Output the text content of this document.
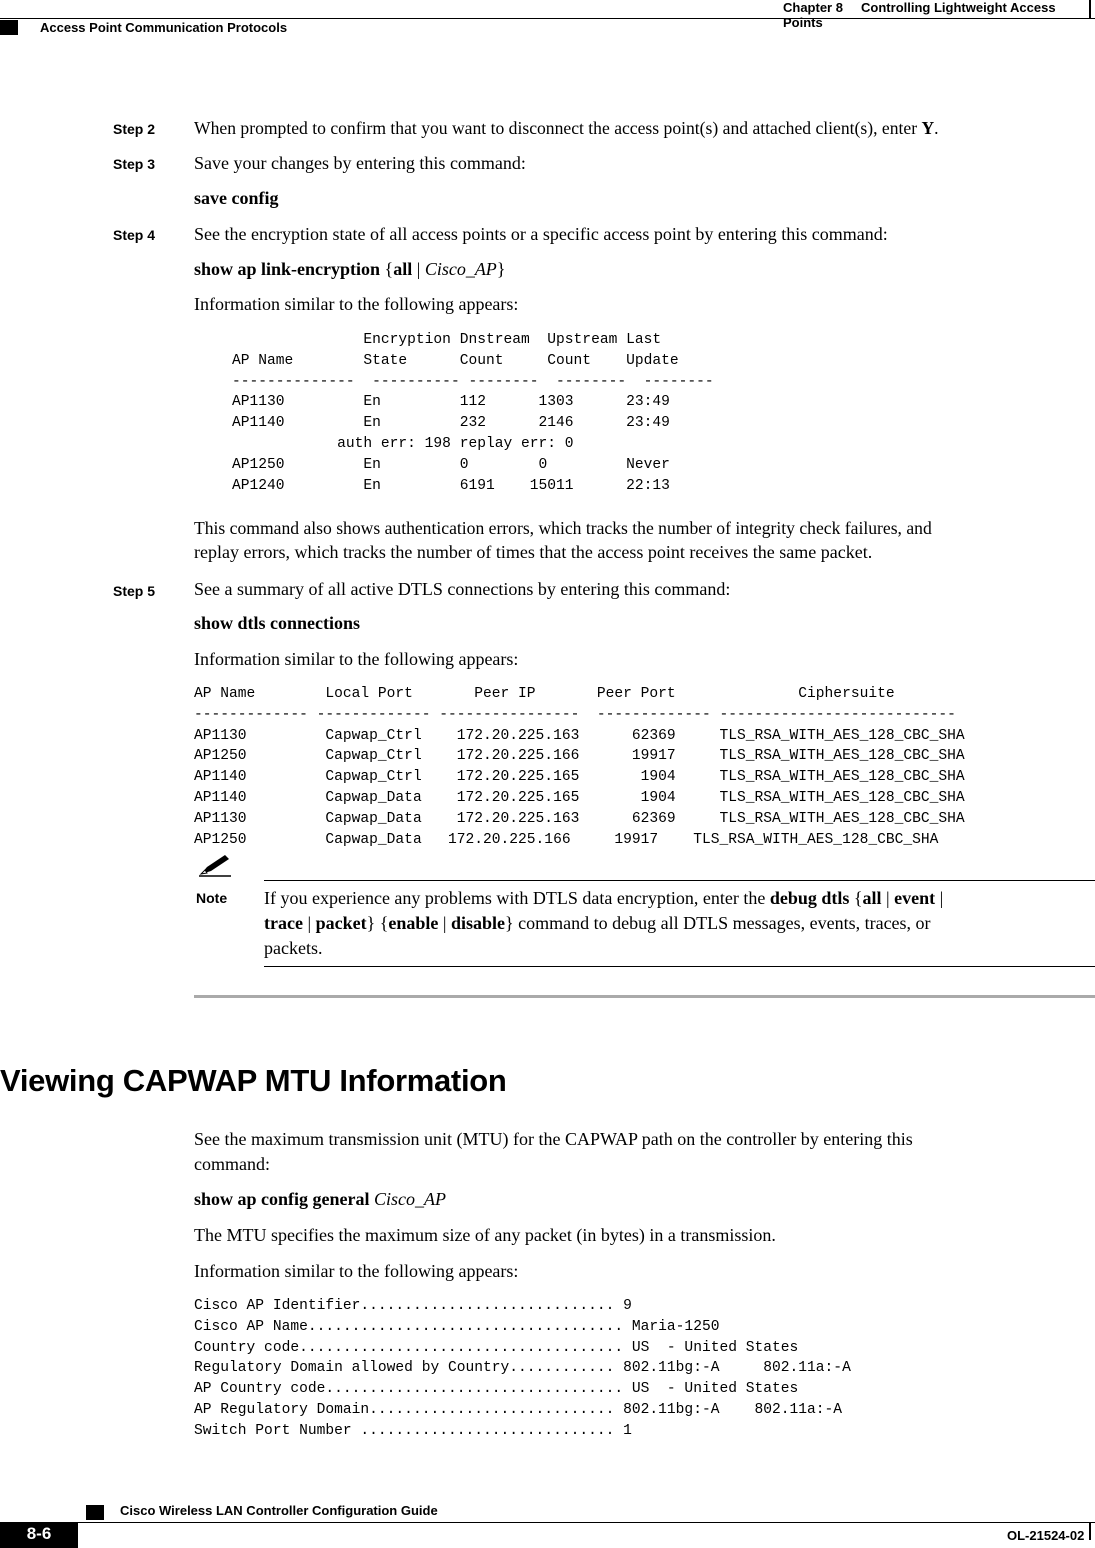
Chapter 8 Controlling Lightweight Access Points
Access Point Communication Protocols
Step 2 When prompted to confirm that you want to disconnect the access point(s) and attached client(s), enter Y.
Step 3 Save your changes by entering this command:
save config
Step 4 See the encryption state of all access points or a specific access point by entering this command:
show ap link-encryption {all | Cisco_AP}
Information similar to the following appears:
Encryption Dnstream  Upstream Last
AP Name        State      Count     Count    Update
--------------  ---------- --------  --------  --------
AP1130         En         112      1303      23:49
AP1140         En         232      2146      23:49
auth err: 198 replay err: 0
AP1250         En         0        0         Never
AP1240         En         6191    15011      22:13
This command also shows authentication errors, which tracks the number of integrity check failures, and
replay errors, which tracks the number of times that the access point receives the same packet.
Step 5 See a summary of all active DTLS connections by entering this command:
show dtls connections
Information similar to the following appears:
AP Name        Local Port       Peer IP       Peer Port              Ciphersuite
------------- ------------- ----------------  ------------- ---------------------------
AP1130         Capwap_Ctrl    172.20.225.163      62369     TLS_RSA_WITH_AES_128_CBC_SHA
AP1250         Capwap_Ctrl    172.20.225.166      19917     TLS_RSA_WITH_AES_128_CBC_SHA
AP1140         Capwap_Ctrl    172.20.225.165       1904     TLS_RSA_WITH_AES_128_CBC_SHA
AP1140         Capwap_Data    172.20.225.165       1904     TLS_RSA_WITH_AES_128_CBC_SHA
AP1130         Capwap_Data    172.20.225.163      62369     TLS_RSA_WITH_AES_128_CBC_SHA
AP1250         Capwap_Data   172.20.225.166     19917    TLS_RSA_WITH_AES_128_CBC_SHA
Note If you experience any problems with DTLS data encryption, enter the debug dtls {all | event |
trace | packet} {enable | disable} command to debug all DTLS messages, events, traces, or
packets.
Viewing CAPWAP MTU Information
See the maximum transmission unit (MTU) for the CAPWAP path on the controller by entering this
command:
show ap config general Cisco_AP
The MTU specifies the maximum size of any packet (in bytes) in a transmission.
Information similar to the following appears:
Cisco AP Identifier............................. 9
Cisco AP Name.................................... Maria-1250
Country code..................................... US  - United States
Regulatory Domain allowed by Country............ 802.11bg:-A     802.11a:-A
AP Country code.................................. US  - United States
AP Regulatory Domain............................ 802.11bg:-A    802.11a:-A
Switch Port Number ............................. 1
Cisco Wireless LAN Controller Configuration Guide
8-6	OL-21524-02
